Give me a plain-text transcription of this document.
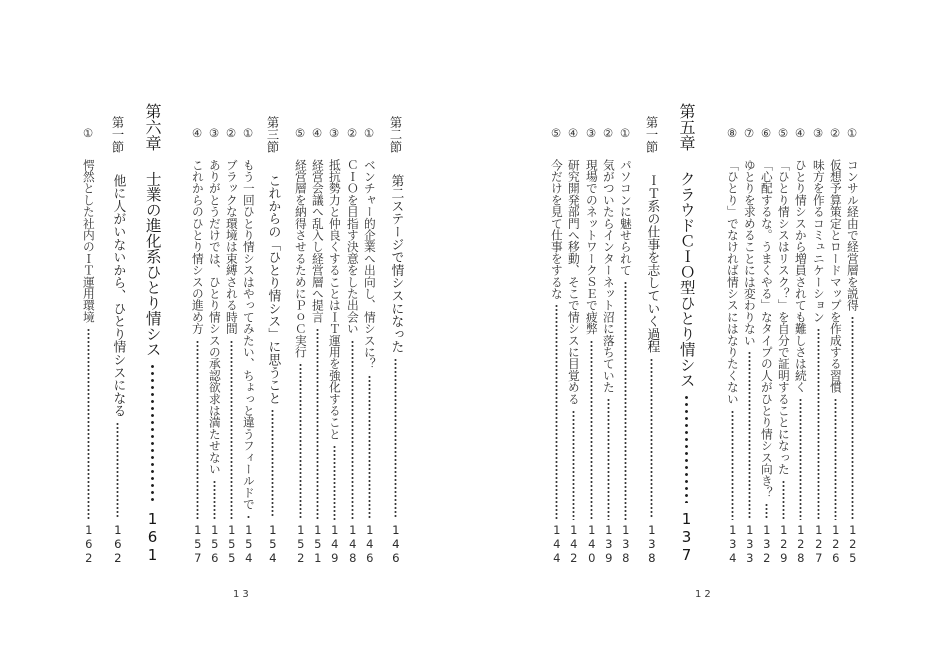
①
コンサル経由で経営層を説得
125
②
仮想予算策定とロードマップを作成する習慣
126
③
味方を作るコミュニケーション
127
④
ひとり情シスから増員されても難しさは続く
128
⑤
「ひとり情シスはリスク？」を自分で証明することになった
129
⑥
「心配するな。うまくやる」なタイプの人がひとり情シス向き？
132
⑦
ゆとりを求めることには変わりない
133
⑧
「ひとり」でなければ情シスにはなりたくない
134
第五章
クラウドＣＩＯ型ひとり情シス
137
第一節
ＩＴ系の仕事を志していく過程
138
①
パソコンに魅せられて
138
②
気がついたらインターネット沼に落ちていた
139
③
現場でのネットワークＳＥで疲弊
140
④
研究開発部門へ移動、そこで情シスに目覚める
142
⑤
今だけを見て仕事をするな
144
12
第二節
第二ステージで情シスになった
146
①
ベンチャー的企業へ出向し、情シスに？
146
②
ＣＩＯを目指す決意をした出会い
148
③
抵抗勢力と仲良くすることはＩＴ運用を強化すること
149
④
経営会議へ乱入し経営層へ提言
151
⑤
経営層を納得させるためにＰｏＣ実行
152
第三節
これからの「ひとり情シス」に思うこと
154
①
もう一回ひとり情シスはやってみたい、ちょっと違うフィールドで
154
②
ブラックな環境は束縛される時間
155
③
ありがとうだけでは、ひとり情シスの承認欲求は満たせない
156
④
これからのひとり情シスの進め方
157
第六章
士業の進化系ひとり情シス
161
第一節
他に人がいないから、ひとり情シスになる
162
①
愕然とした社内のＩＴ運用環境
162
13
